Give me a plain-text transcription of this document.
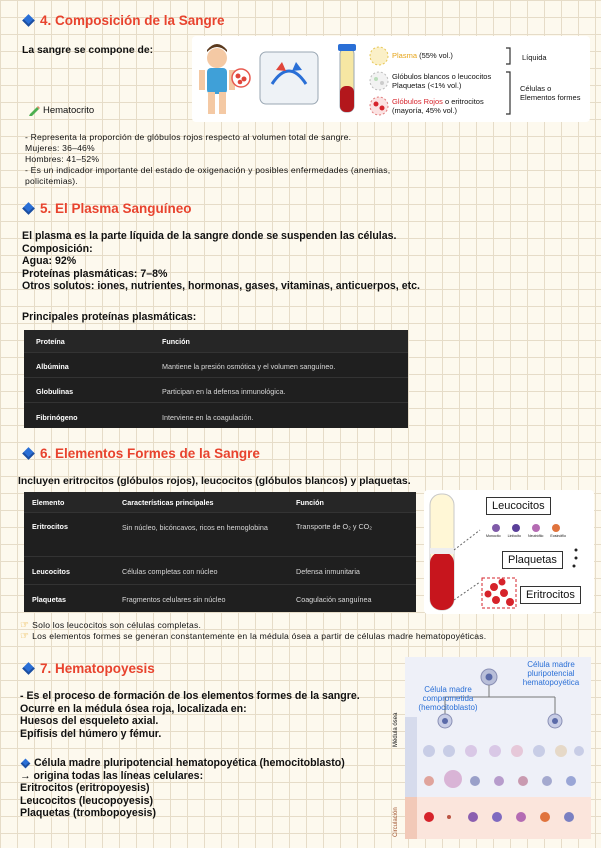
4. Composición de la Sangre
La sangre se compone de:	Plasma (55% vol.)
Glóbulos blancos o leucocitos
Plaquetas (<1% vol.)
Glóbulos Rojos o eritrocitos
(mayoría, 45% vol.)
Líquida
Células o Elementos formes
Hematocrito
- Representa la proporción de glóbulos rojos respecto al volumen total de sangre.
Mujeres: 36–46%
Hombres: 41–52%
- Es un indicador importante del estado de oxigenación y posibles enfermedades (anemias,
policitemias).
5. El Plasma Sanguíneo
El plasma es la parte líquida de la sangre donde se suspenden las células.
Composición:
Agua: 92%
Proteínas plasmáticas: 7–8%
Otros solutos: iones, nutrientes, hormonas, gases, vitaminas, anticuerpos, etc.
Principales proteínas plasmáticas:
Proteína	Función
Albúmina	Mantiene la presión osmótica y el volumen sanguíneo.
Globulinas	Participan en la defensa inmunológica.
Fibrinógeno	Interviene en la coagulación.
6. Elementos Formes de la Sangre
Incluyen eritrocitos (glóbulos rojos), leucocitos (glóbulos blancos) y plaquetas.
Elemento	Características principales	Función
Eritrocitos	Sin núcleo, bicóncavos, ricos en hemoglobina	Transporte de O₂ y CO₂
Leucocitos	Células completas con núcleo	Defensa inmunitaria
Plaquetas	Fragmentos celulares sin núcleo	Coagulación sanguínea
Leucocitos
Monocito Linfocito Neutrófilo Eosinófilo
Plaquetas
Eritrocitos
☞ Solo los leucocitos son células completas.
☞ Los elementos formes se generan constantemente en la médula ósea a partir de células madre hematopoyéticas.
7. Hematopoyesis
- Es el proceso de formación de los elementos formes de la sangre.
Ocurre en la médula ósea roja, localizada en:
Huesos del esqueleto axial.
Epífisis del húmero y fémur.
Célula madre pluripotencial hematopoyética (hemocitoblasto)
→ origina todas las líneas celulares:
Eritrocitos (eritropoyesis)
Leucocitos (leucopoyesis)
Plaquetas (trombopoyesis)
Célula madre pluripotencial hematopoyética
Célula madre comprometida (hemocitoblasto)
Médula ósea
Circulación
